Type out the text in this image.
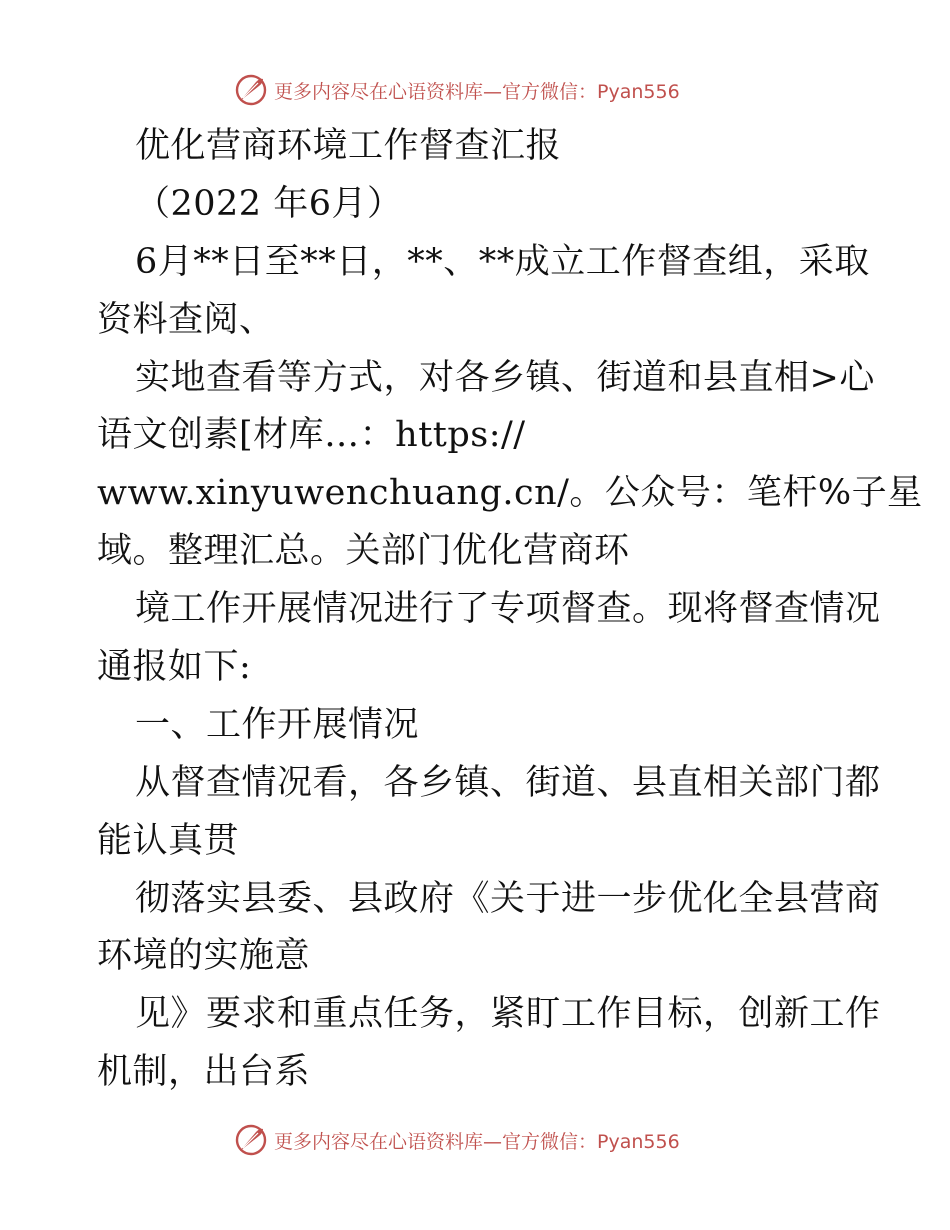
更多内容尽在心语资料库—官方微信：Pyan556
优化营商环境工作督查汇报
（2022 年6月）
6月**日至**日，**、**成立工作督查组，采取
资料查阅、
实地查看等方式，对各乡镇、街道和县直相>心
语文创素[材库…：https://
www.xinyuwenchuang.cn/。公众号：笔杆%子星
域。整理汇总。关部门优化营商环
境工作开展情况进行了专项督查。现将督查情况
通报如下:
一、工作开展情况
从督查情况看，各乡镇、街道、县直相关部门都
能认真贯
彻落实县委、县政府《关于进一步优化全县营商
环境的实施意
见》要求和重点任务，紧盯工作目标，创新工作
机制，出台系
更多内容尽在心语资料库—官方微信：Pyan556
